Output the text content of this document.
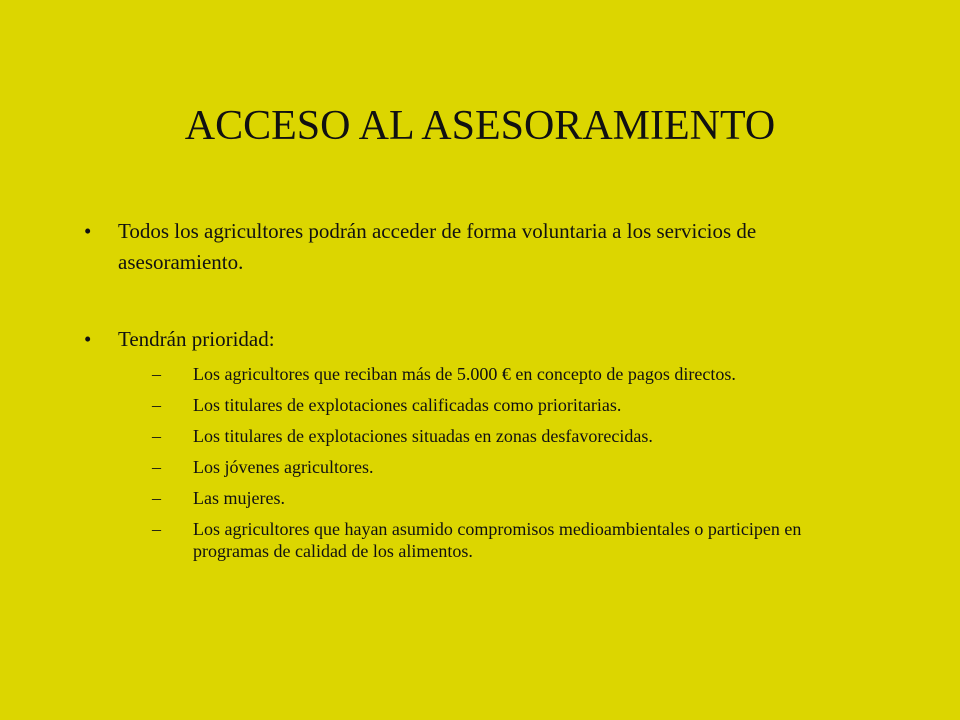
ACCESO AL ASESORAMIENTO
•	Todos los agricultores podrán acceder de forma voluntaria a los servicios de asesoramiento.
•	Tendrán prioridad:
–	Los agricultores que reciban más de 5.000 € en concepto de pagos directos.
–	Los titulares de explotaciones calificadas como prioritarias.
–	Los titulares de explotaciones situadas en zonas desfavorecidas.
–	Los jóvenes agricultores.
–	Las mujeres.
–	Los agricultores que hayan asumido compromisos medioambientales o participen en programas de calidad de los alimentos.
